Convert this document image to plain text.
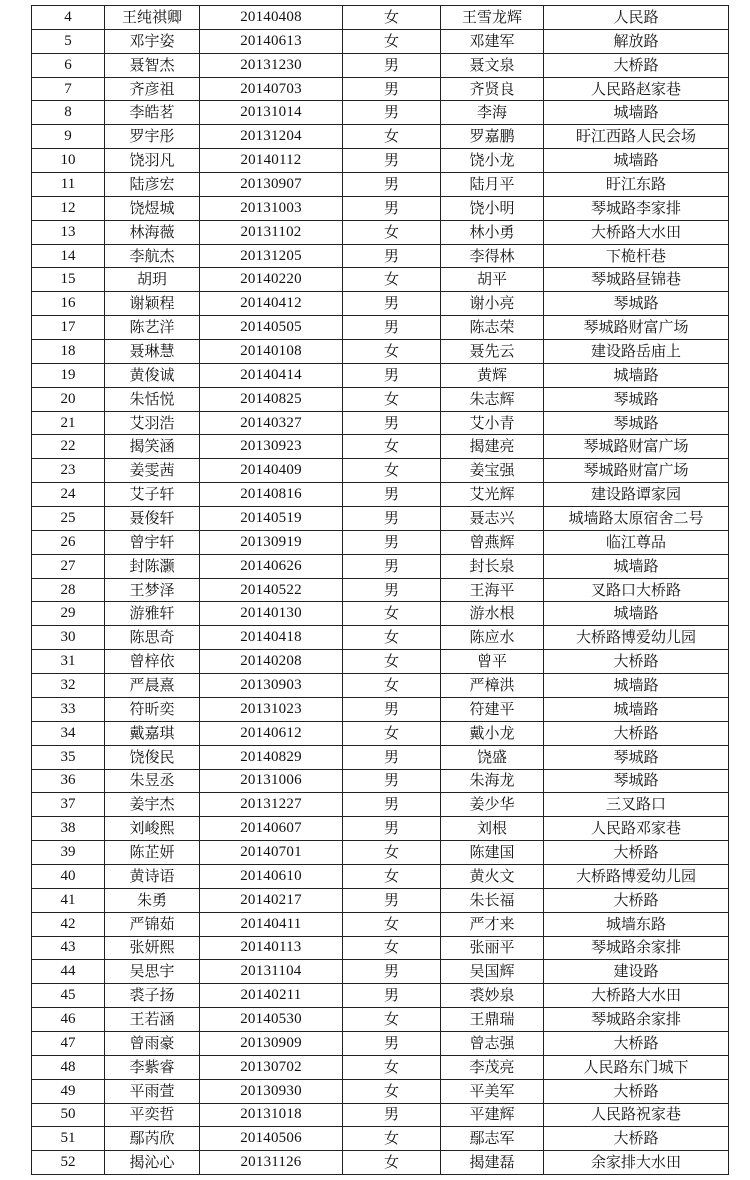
4	王纯祺卿	20140408	女	王雪龙辉	人民路
5	邓宇姿	20140613	女	邓建军	解放路
6	聂智杰	20131230	男	聂文泉	大桥路
7	齐彦祖	20140703	男	齐贤良	人民路赵家巷
8	李皓茗	20131014	男	李海	城墙路
9	罗宇彤	20131204	女	罗嘉鹏	盱江西路人民会场
10	饶羽凡	20140112	男	饶小龙	城墙路
11	陆彦宏	20130907	男	陆月平	盱江东路
12	饶煜城	20131003	男	饶小明	琴城路李家排
13	林海薇	20131102	女	林小勇	大桥路大水田
14	李航杰	20131205	男	李得林	下桅杆巷
15	胡玥	20140220	女	胡平	琴城路昼锦巷
16	谢颖程	20140412	男	谢小亮	琴城路
17	陈艺洋	20140505	男	陈志荣	琴城路财富广场
18	聂琳慧	20140108	女	聂先云	建设路岳庙上
19	黄俊诚	20140414	男	黄辉	城墙路
20	朱恬悦	20140825	女	朱志辉	琴城路
21	艾羽浩	20140327	男	艾小青	琴城路
22	揭笑涵	20130923	女	揭建亮	琴城路财富广场
23	姜雯茜	20140409	女	姜宝强	琴城路财富广场
24	艾子轩	20140816	男	艾光辉	建设路谭家园
25	聂俊轩	20140519	男	聂志兴	城墙路太原宿舍二号
26	曾宇轩	20130919	男	曾燕辉	临江尊品
27	封陈灏	20140626	男	封长泉	城墙路
28	王梦泽	20140522	男	王海平	叉路口大桥路
29	游雅轩	20140130	女	游水根	城墙路
30	陈思奇	20140418	女	陈应水	大桥路博爱幼儿园
31	曾梓依	20140208	女	曾平	大桥路
32	严晨熹	20130903	女	严樟洪	城墙路
33	符昕奕	20131023	男	符建平	城墙路
34	戴嘉琪	20140612	女	戴小龙	大桥路
35	饶俊民	20140829	男	饶盛	琴城路
36	朱昱丞	20131006	男	朱海龙	琴城路
37	姜宇杰	20131227	男	姜少华	三叉路口
38	刘峻熙	20140607	男	刘根	人民路邓家巷
39	陈芷妍	20140701	女	陈建国	大桥路
40	黄诗语	20140610	女	黄火文	大桥路博爱幼儿园
41	朱勇	20140217	男	朱长福	大桥路
42	严锦茹	20140411	女	严才来	城墙东路
43	张妍熙	20140113	女	张丽平	琴城路余家排
44	吴思宇	20131104	男	吴国辉	建设路
45	裘子扬	20140211	男	裘妙泉	大桥路大水田
46	王若涵	20140530	女	王鼎瑞	琴城路余家排
47	曾雨豪	20130909	男	曾志强	大桥路
48	李紫睿	20130702	女	李茂亮	人民路东门城下
49	平雨萱	20130930	女	平美军	大桥路
50	平奕哲	20131018	男	平建辉	人民路祝家巷
51	鄢芮欣	20140506	女	鄢志军	大桥路
52	揭沁心	20131126	女	揭建磊	余家排大水田
